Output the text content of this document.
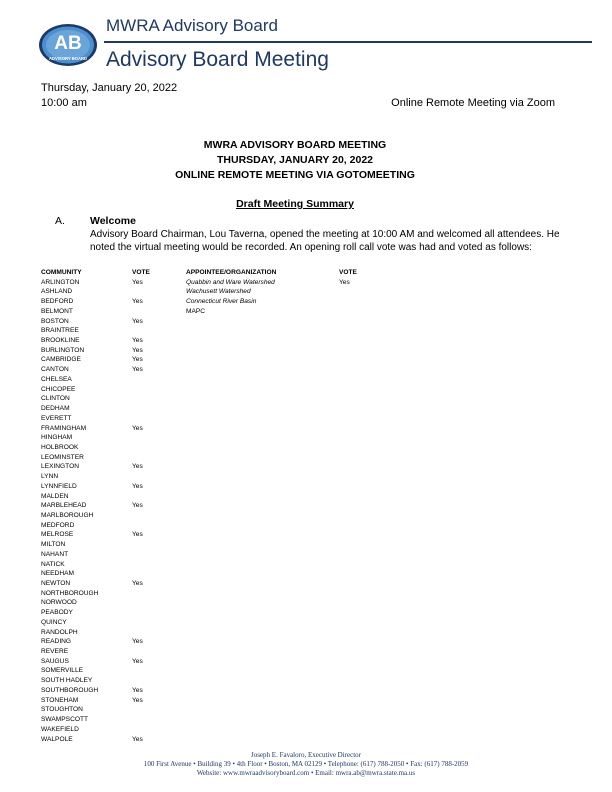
AB
ADVISORY BOARD
MWRA Advisory Board
Advisory Board Meeting
Thursday, January 20, 2022
10:00 am	Online Remote Meeting via Zoom
MWRA ADVISORY BOARD MEETING
THURSDAY, JANUARY 20, 2022
ONLINE REMOTE MEETING VIA GOTOMEETING
Draft Meeting Summary
A. Welcome
Advisory Board Chairman, Lou Taverna, opened the meeting at 10:00 AM and welcomed all attendees. He noted the virtual meeting would be recorded. An opening roll call vote was had and voted as follows:
COMMUNITY
ARLINGTON
ASHLAND
BEDFORD
BELMONT
BOSTON
BRAINTREE
BROOKLINE
BURLINGTON
CAMBRIDGE
CANTON
CHELSEA
CHICOPEE
CLINTON
DEDHAM
EVERETT
FRAMINGHAM
HINGHAM
HOLBROOK
LEOMINSTER
LEXINGTON
LYNN
LYNNFIELD
MALDEN
MARBLEHEAD
MARLBOROUGH
MEDFORD
MELROSE
MILTON
NAHANT
NATICK
NEEDHAM
NEWTON
NORTHBOROUGH
NORWOOD
PEABODY
QUINCY
RANDOLPH
READING
REVERE
SAUGUS
SOMERVILLE
SOUTH HADLEY
SOUTHBOROUGH
STONEHAM
STOUGHTON
SWAMPSCOTT
WAKEFIELD
WALPOLE
VOTE
Yes
Yes
Yes
Yes
Yes
Yes
Yes
Yes
Yes
Yes
Yes
Yes
Yes
Yes
Yes
Yes
Yes
Yes
APPOINTEE/ORGANIZATION
Quabbin and Ware Watershed
Wachusett Watershed
Connecticut River Basin
MAPC
VOTE
Yes
Joseph E. Favaloro, Executive Director
100 First Avenue • Building 39 • 4th Floor • Boston, MA 02129 • Telephone: (617) 788-2050 • Fax: (617) 788-2059
Website: www.mwraadvisoryboard.com • Email: mwra.ab@mwra.state.ma.us
